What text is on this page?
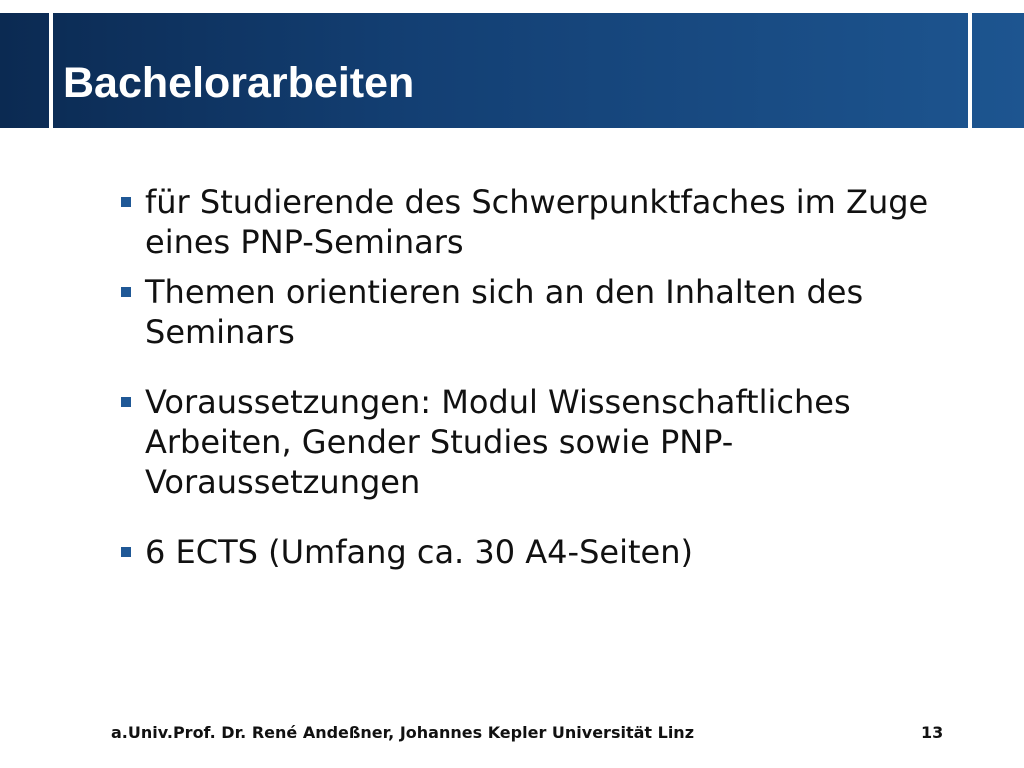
Bachelorarbeiten
für Studierende des Schwerpunktfaches im Zuge eines PNP-Seminars
Themen orientieren sich an den Inhalten des Seminars
Voraussetzungen: Modul Wissenschaftliches Arbeiten, Gender Studies sowie PNP-Voraussetzungen
6 ECTS (Umfang ca. 30 A4-Seiten)
a.Univ.Prof. Dr. René Andeßner, Johannes Kepler Universität Linz	13
